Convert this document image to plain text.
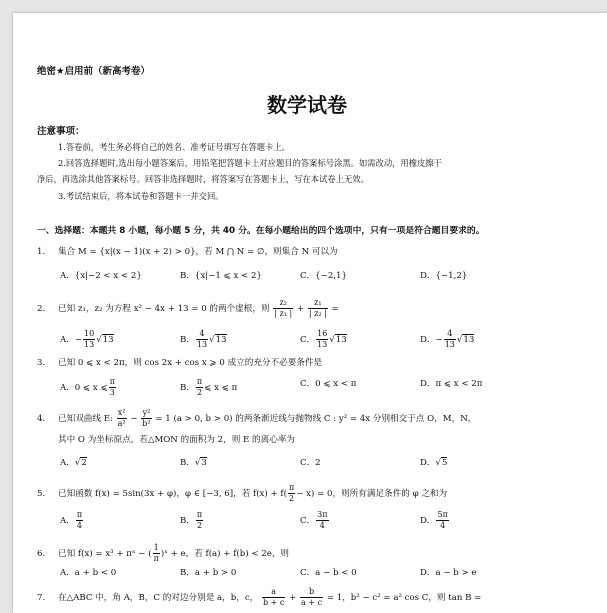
绝密★启用前（新高考卷）
数学试卷
注意事项：
1.答卷前，考生务必将自己的姓名、准考证号填写在答题卡上。
2.回答选择题时,选出每小题答案后，用铅笔把答题卡上对应题目的答案标号涂黑。如需改动，用橡皮擦干
净后，再选涂其他答案标号。回答非选择题时，将答案写在答题卡上，写在本试卷上无效。
3.考试结束后，将本试卷和答题卡一并交回。
一、选择题：本题共 8 小题，每小题 5 分，共 40 分。在每小题给出的四个选项中，只有一项是符合题目要求的。
1. 集合 M = {x|(x − 1)(x + 2) > 0}，若 M ⋂ N = ∅，则集合 N 可以为
A．{x|−2 < x < 2}	B．{x|−1 ⩽ x < 2}	C．{−2,1}	D．{−1,2}
2. 已知 z₁，z₂ 为方程 x² − 4x + 13 = 0 的两个虚根，则 $\frac{\text{z₂}}{\text{| z₁ |}} + \frac{\text{z₁}}{\text{| z₂ |}}$ =
A．− $\frac{10}{13} √13$	B． $\frac{4}{13} √13$	C． $\frac{16}{13} √13$	D．− $\frac{4}{13} √13$
3. 已知 0 ⩽ x < 2π，则 cos 2x + cos x ⩾ 0 成立的充分不必要条件是
A．0 ⩽ x ⩽ $\frac{\pi}{3}$	B． $\frac{\pi}{2}$ ⩽ x ⩽ π	C．0 ⩽ x < π	D．π ⩽ x < 2π
4. 已知双曲线 E: $\frac{\text{x²}}{\text{a²}} - \frac{\text{y²}}{\text{b²}} = 1$ (a > 0, b > 0) 的两条渐近线与抛物线 C : y² = 4x 分别相交于点 O，M，N，
其中 O 为坐标原点，若△MON 的面积为 2，则 E 的离心率为
A．√2	B．√3	C．2	D．√5
5. 已知函数 f(x) = 5sin(3x + φ)，φ ∈ [−3, 6]，若 $f(x) + f( \frac{\pi}{2} - x) = 0$，则所有满足条件的 φ 之和为
A． $\frac{\pi}{4}$	B． $\frac{\pi}{2}$	C． $\frac{3\pi}{4}$	D． $\frac{5\pi}{4}$
6. 已知 f(x) = x³ + πˣ − ( $\frac{1}{\pi}$ )ˣ + e，若 f(a) + f(b) < 2e，则
A．a + b < 0	B．a + b > 0	C．a − b < 0	D．a − b > e
7. 在△ABC 中，角 A，B，C 的对边分别是 a，b，c， $\frac{a}{b + c} + \frac{b}{a + c} = 1$，b² − c² = a² cos C，则 tan B =
